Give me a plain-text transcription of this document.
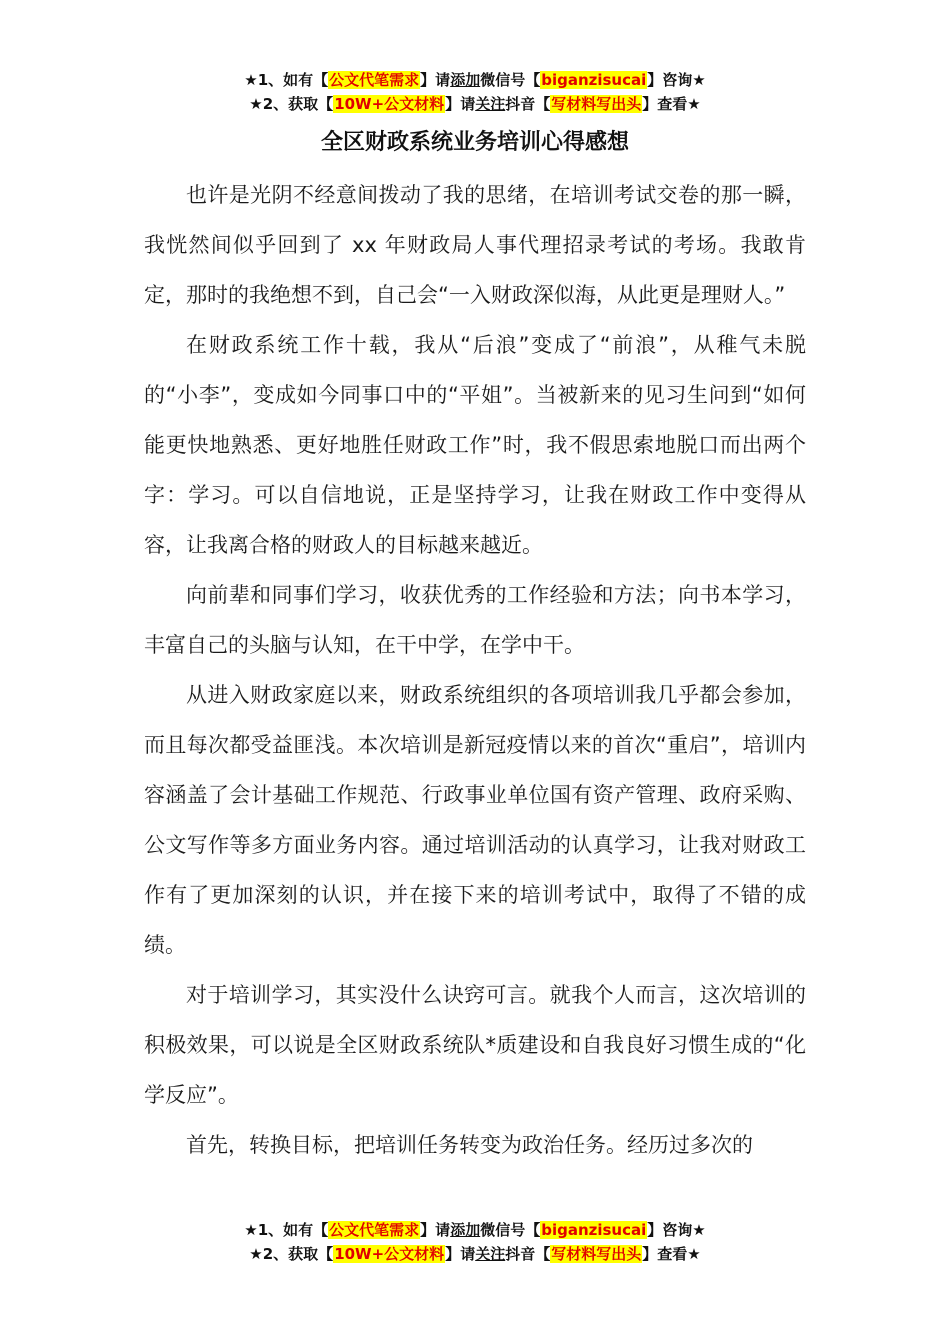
★1、如有【公文代笔需求】请添加微信号【biganzisucai】咨询★
★2、获取【10W+公文材料】请关注抖音【写材料写出头】查看★
全区财政系统业务培训心得感想

也许是光阴不经意间拨动了我的思绪，在培训考试交卷的那一瞬，我恍然间似乎回到了 xx 年财政局人事代理招录考试的考场。我敢肯定，那时的我绝想不到，自己会“一入财政深似海，从此更是理财人。”

在财政系统工作十载，我从“后浪”变成了“前浪”，从稚气未脱的“小李”，变成如今同事口中的“平姐”。当被新来的见习生问到“如何能更快地熟悉、更好地胜任财政工作”时，我不假思索地脱口而出两个字：学习。可以自信地说，正是坚持学习，让我在财政工作中变得从容，让我离合格的财政人的目标越来越近。

向前辈和同事们学习，收获优秀的工作经验和方法；向书本学习，丰富自己的头脑与认知，在干中学，在学中干。

从进入财政家庭以来，财政系统组织的各项培训我几乎都会参加，而且每次都受益匪浅。本次培训是新冠疫情以来的首次“重启”，培训内容涵盖了会计基础工作规范、行政事业单位国有资产管理、政府采购、公文写作等多方面业务内容。通过培训活动的认真学习，让我对财政工作有了更加深刻的认识，并在接下来的培训考试中，取得了不错的成绩。

对于培训学习，其实没什么诀窍可言。就我个人而言，这次培训的积极效果，可以说是全区财政系统队*质建设和自我良好习惯生成的“化学反应”。

首先，转换目标，把培训任务转变为政治任务。经历过多次的

★1、如有【公文代笔需求】请添加微信号【biganzisucai】咨询★
★2、获取【10W+公文材料】请关注抖音【写材料写出头】查看★
